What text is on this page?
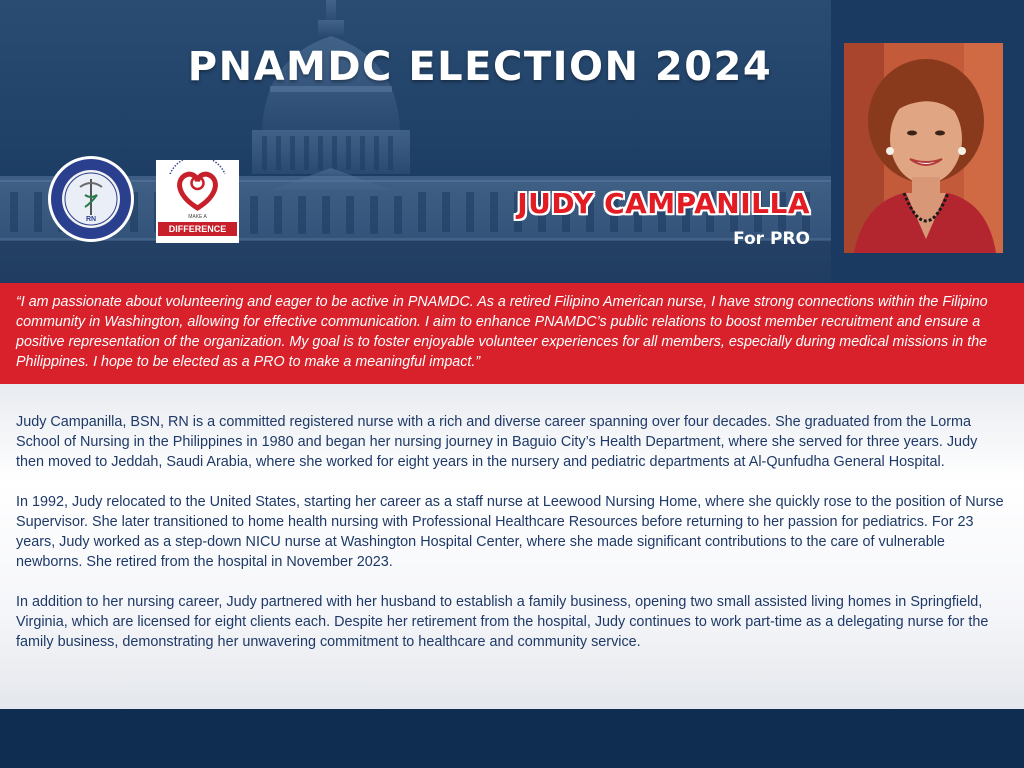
PNAMDC ELECTION 2024
RN	MAKE A
DIFFERENCE
JUDY CAMPANILLA
For PRO

“I am passionate about volunteering and eager to be active in PNAMDC. As a retired Filipino American nurse, I have strong connections within the Filipino community in Washington, allowing for effective communication. I aim to enhance PNAMDC’s public relations to boost member recruitment and ensure a positive representation of the organization. My goal is to foster enjoyable volunteer experiences for all members, especially during medical missions in the Philippines. I hope to be elected as a PRO to make a meaningful impact.”

Judy Campanilla, BSN, RN is a committed registered nurse with a rich and diverse career spanning over four decades. She graduated from the Lorma School of Nursing in the Philippines in 1980 and began her nursing journey in Baguio City’s Health Department, where she served for three years. Judy then moved to Jeddah, Saudi Arabia, where she worked for eight years in the nursery and pediatric departments at Al-Qunfudha General Hospital.

In 1992, Judy relocated to the United States, starting her career as a staff nurse at Leewood Nursing Home, where she quickly rose to the position of Nurse Supervisor. She later transitioned to home health nursing with Professional Healthcare Resources before returning to her passion for pediatrics. For 23 years, Judy worked as a step-down NICU nurse at Washington Hospital Center, where she made significant contributions to the care of vulnerable newborns. She retired from the hospital in November 2023.

In addition to her nursing career, Judy partnered with her husband to establish a family business, opening two small assisted living homes in Springfield, Virginia, which are licensed for eight clients each. Despite her retirement from the hospital, Judy continues to work part-time as a delegating nurse for the family business, demonstrating her unwavering commitment to healthcare and community service.
